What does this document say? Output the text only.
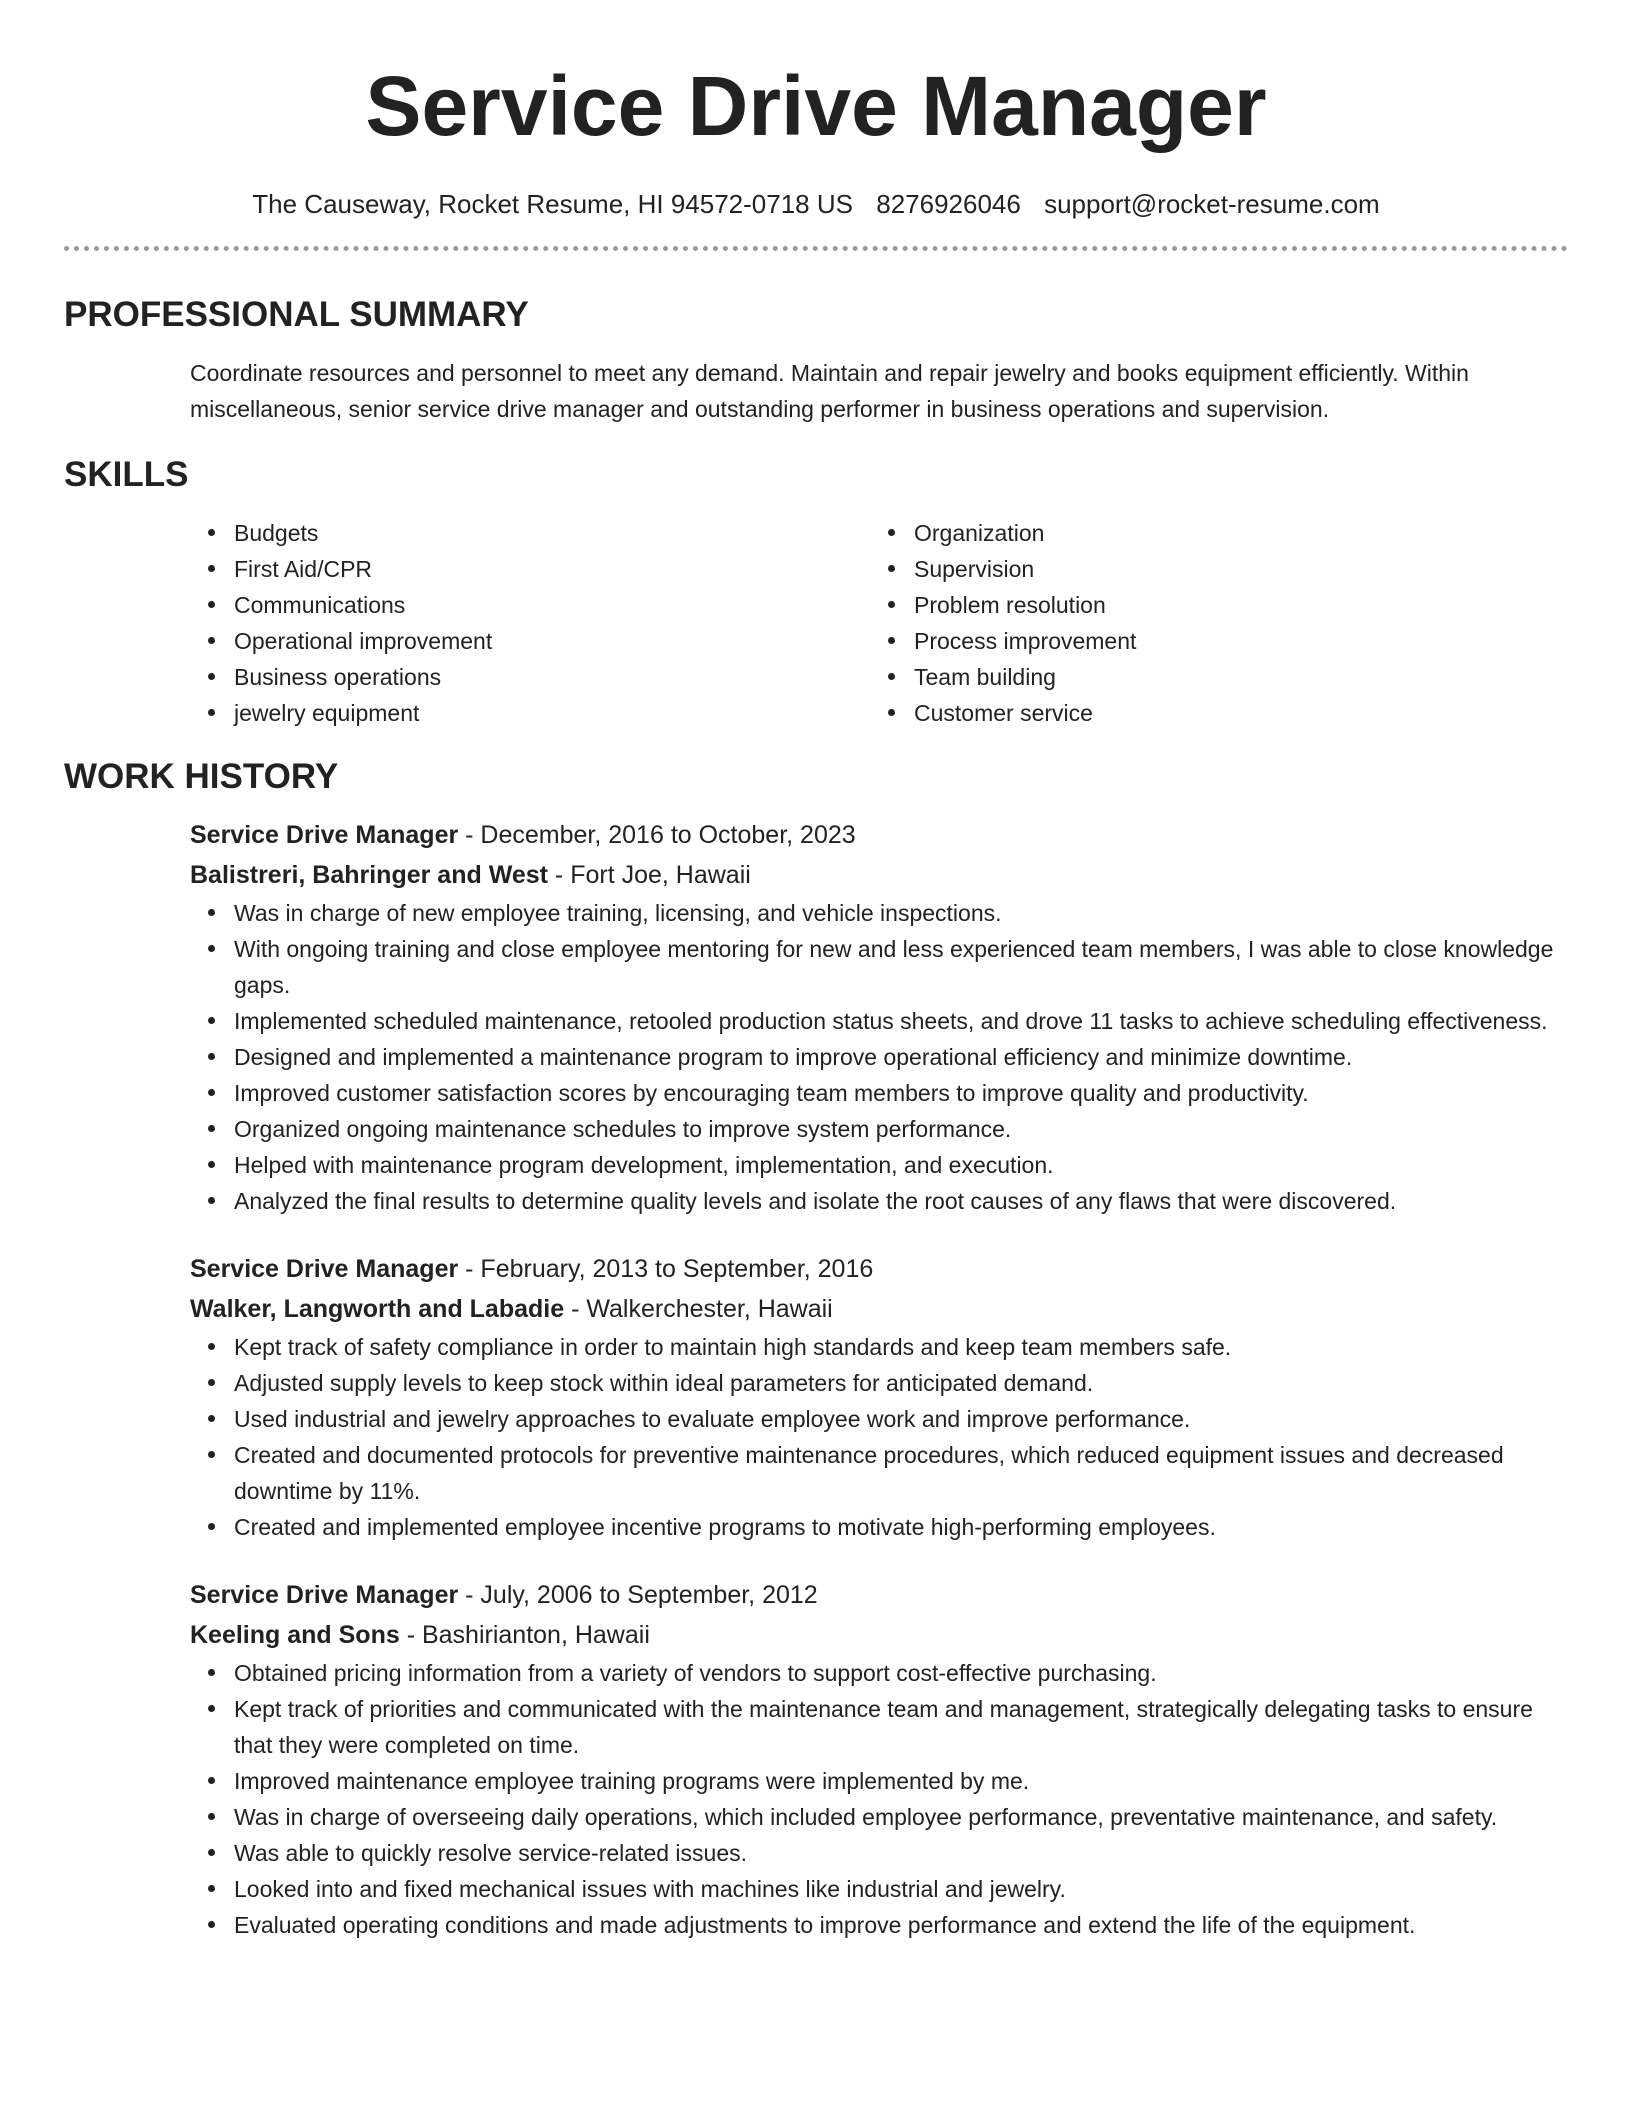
Service Drive Manager
The Causeway, Rocket Resume, HI 94572-0718 US 8276926046 support@rocket-resume.com
PROFESSIONAL SUMMARY

Coordinate resources and personnel to meet any demand. Maintain and repair jewelry and books equipment efficiently. Within miscellaneous, senior service drive manager and outstanding performer in business operations and supervision.

SKILLS
Budgets
First Aid/CPR
Communications
Operational improvement
Business operations
jewelry equipment
Organization
Supervision
Problem resolution
Process improvement
Team building
Customer service
WORK HISTORY
Service Drive Manager - December, 2016 to October, 2023
Balistreri, Bahringer and West - Fort Joe, Hawaii
Was in charge of new employee training, licensing, and vehicle inspections.
With ongoing training and close employee mentoring for new and less experienced team members, I was able to close knowledge gaps.
Implemented scheduled maintenance, retooled production status sheets, and drove 11 tasks to achieve scheduling effectiveness.
Designed and implemented a maintenance program to improve operational efficiency and minimize downtime.
Improved customer satisfaction scores by encouraging team members to improve quality and productivity.
Organized ongoing maintenance schedules to improve system performance.
Helped with maintenance program development, implementation, and execution.
Analyzed the final results to determine quality levels and isolate the root causes of any flaws that were discovered.
Service Drive Manager - February, 2013 to September, 2016
Walker, Langworth and Labadie - Walkerchester, Hawaii
Kept track of safety compliance in order to maintain high standards and keep team members safe.
Adjusted supply levels to keep stock within ideal parameters for anticipated demand.
Used industrial and jewelry approaches to evaluate employee work and improve performance.
Created and documented protocols for preventive maintenance procedures, which reduced equipment issues and decreased downtime by 11%.
Created and implemented employee incentive programs to motivate high-performing employees.
Service Drive Manager - July, 2006 to September, 2012
Keeling and Sons - Bashirianton, Hawaii
Obtained pricing information from a variety of vendors to support cost-effective purchasing.
Kept track of priorities and communicated with the maintenance team and management, strategically delegating tasks to ensure that they were completed on time.
Improved maintenance employee training programs were implemented by me.
Was in charge of overseeing daily operations, which included employee performance, preventative maintenance, and safety.
Was able to quickly resolve service-related issues.
Looked into and fixed mechanical issues with machines like industrial and jewelry.
Evaluated operating conditions and made adjustments to improve performance and extend the life of the equipment.
